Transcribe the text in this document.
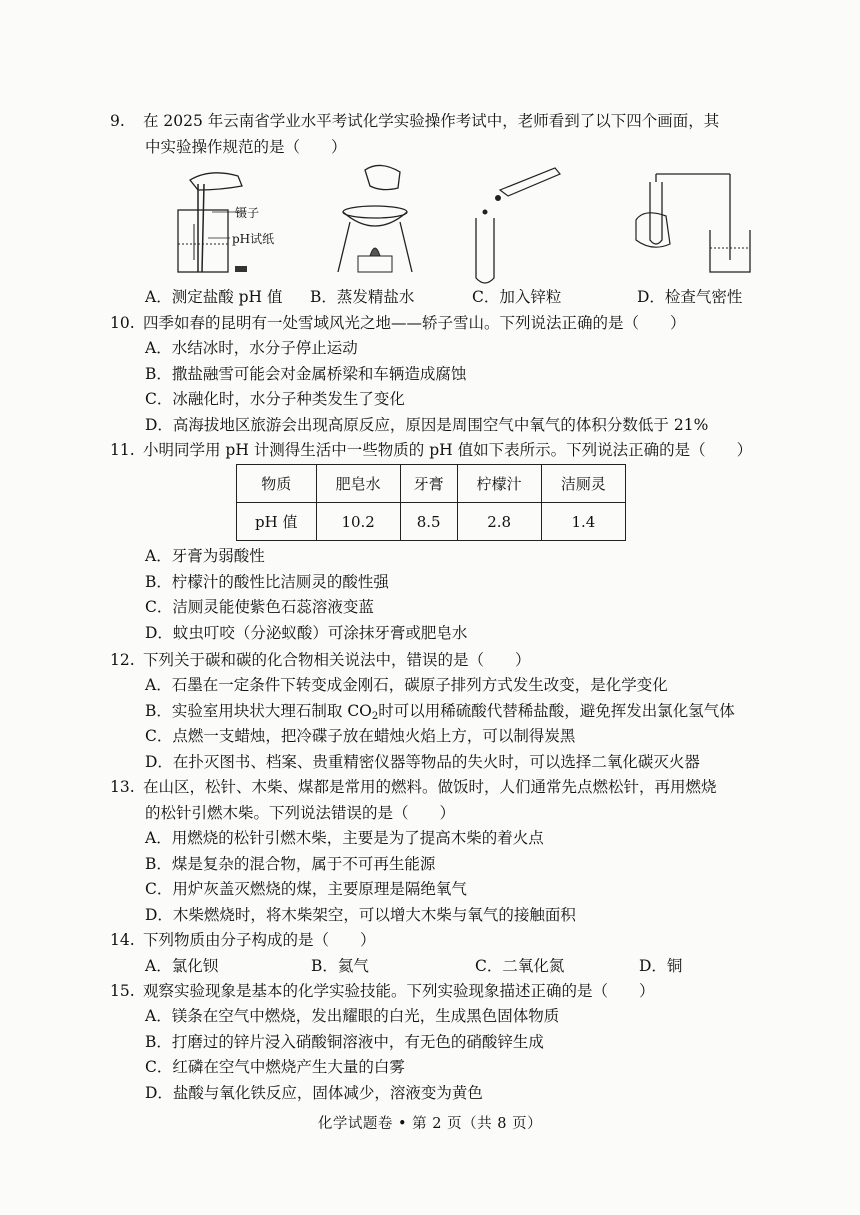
9. 在 2025 年云南省学业水平考试化学实验操作考试中，老师看到了以下四个画面，其
中实验操作规范的是（　　）
镊子
pH试纸
A．测定盐酸 pH 值 B．蒸发精盐水	C．加入锌粒	D．检查气密性
10. 四季如春的昆明有一处雪域风光之地——轿子雪山。下列说法正确的是（　　）
A．水结冰时，水分子停止运动
B．撒盐融雪可能会对金属桥梁和车辆造成腐蚀
C．冰融化时，水分子种类发生了变化
D．高海拔地区旅游会出现高原反应，原因是周围空气中氧气的体积分数低于 21%
11. 小明同学用 pH 计测得生活中一些物质的 pH 值如下表所示。下列说法正确的是（　　）
物质	肥皂水	牙膏	柠檬汁	洁厕灵
pH 值	10.2	8.5	2.8	1.4
A．牙膏为弱酸性
B．柠檬汁的酸性比洁厕灵的酸性强
C．洁厕灵能使紫色石蕊溶液变蓝
D．蚊虫叮咬（分泌蚁酸）可涂抹牙膏或肥皂水
12. 下列关于碳和碳的化合物相关说法中，错误的是（　　）
A．石墨在一定条件下转变成金刚石，碳原子排列方式发生改变，是化学变化
B．实验室用块状大理石制取 $CO_2$时可以用稀硫酸代替稀盐酸，避免挥发出氯化氢气体
C．点燃一支蜡烛，把冷碟子放在蜡烛火焰上方，可以制得炭黑
D．在扑灭图书、档案、贵重精密仪器等物品的失火时，可以选择二氧化碳灭火器
13. 在山区，松针、木柴、煤都是常用的燃料。做饭时，人们通常先点燃松针，再用燃烧
的松针引燃木柴。下列说法错误的是（　　）
A．用燃烧的松针引燃木柴，主要是为了提高木柴的着火点
B．煤是复杂的混合物，属于不可再生能源
C．用炉灰盖灭燃烧的煤，主要原理是隔绝氧气
D．木柴燃烧时，将木柴架空，可以增大木柴与氧气的接触面积
14. 下列物质由分子构成的是（　　）
A．氯化钡	B．氦气	C．二氧化氮	D．铜
15. 观察实验现象是基本的化学实验技能。下列实验现象描述正确的是（　　）
A．镁条在空气中燃烧，发出耀眼的白光，生成黑色固体物质
B．打磨过的锌片浸入硝酸铜溶液中，有无色的硝酸锌生成
C．红磷在空气中燃烧产生大量的白雾
D．盐酸与氧化铁反应，固体减少，溶液变为黄色
化学试题卷 • 第 2 页（共 8 页）
